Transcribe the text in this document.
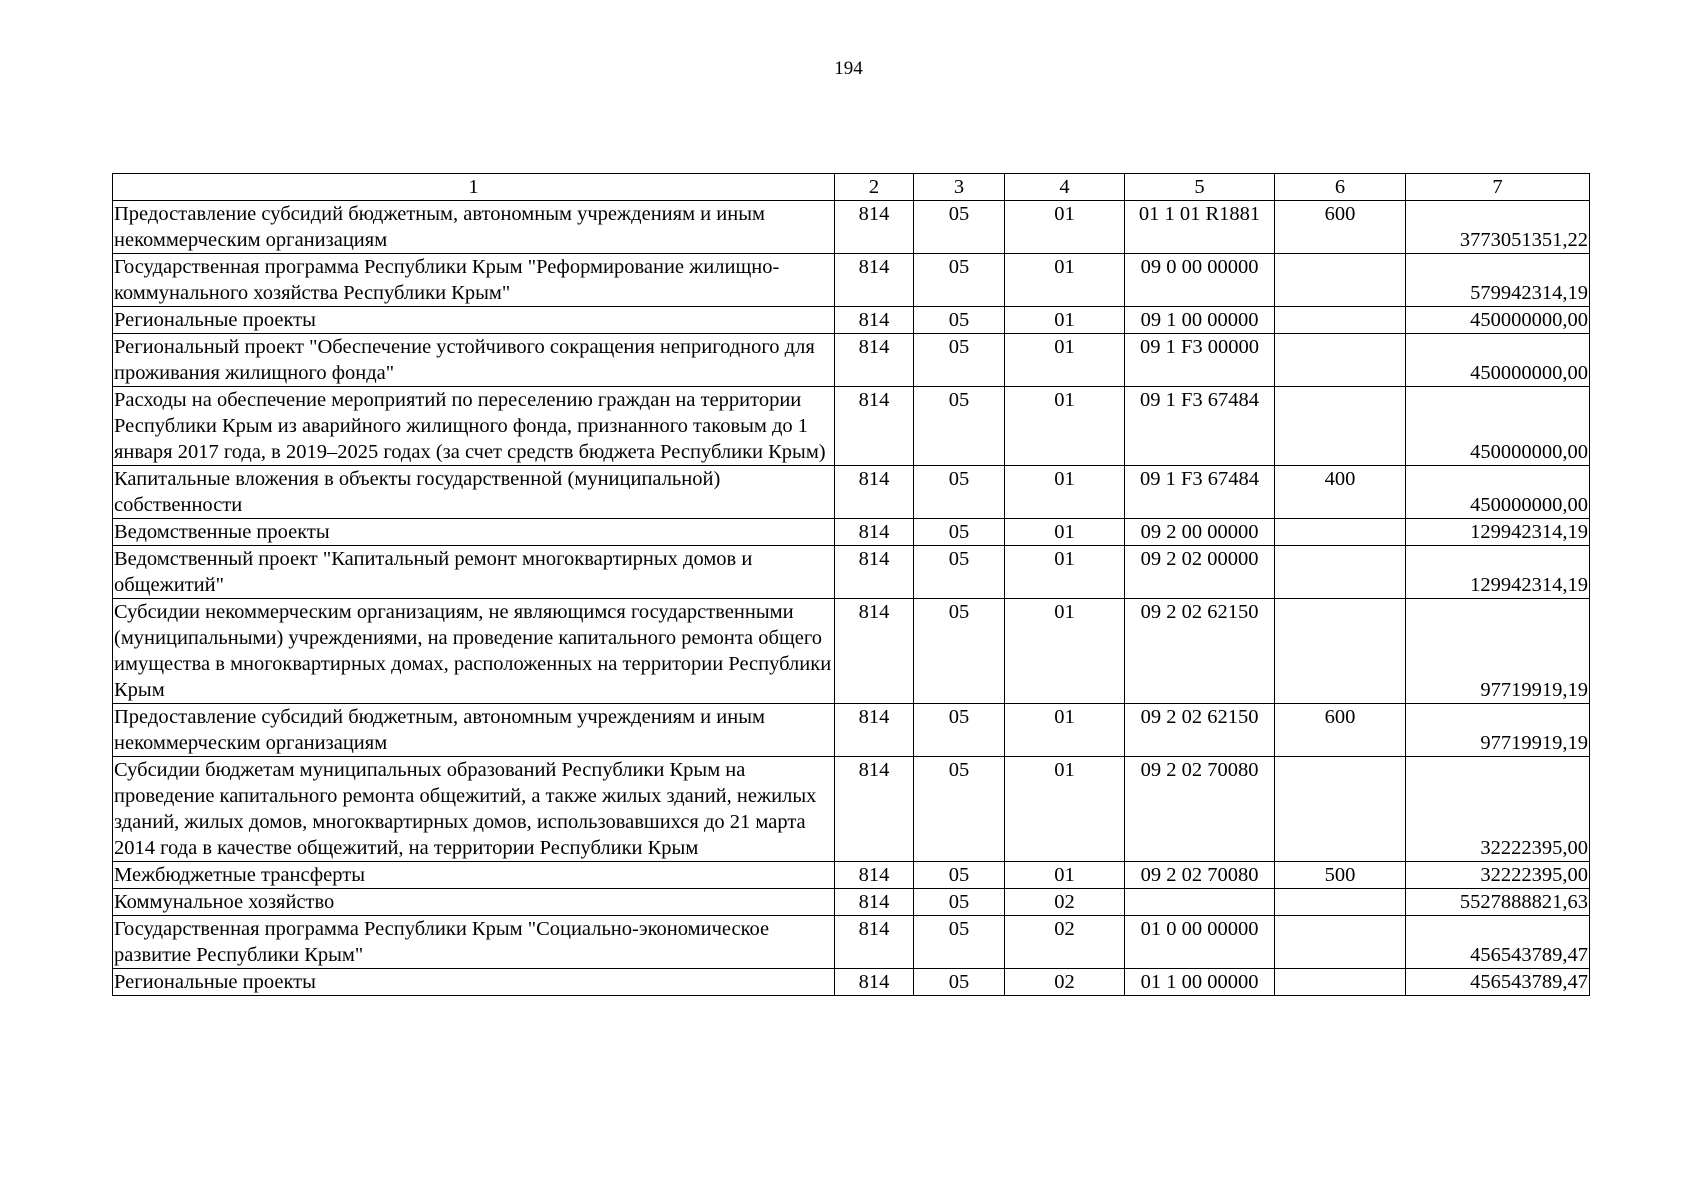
194
1	2	3	4	5	6	7
Предоставление субсидий бюджетным, автономным учреждениям и иным некоммерческим организациям	814	05	01	01 1 01 R1881	600	3773051351,22
Государственная программа Республики Крым "Реформирование жилищно-коммунального хозяйства Республики Крым"	814	05	01	09 0 00 00000		579942314,19
Региональные проекты	814	05	01	09 1 00 00000		450000000,00
Региональный проект "Обеспечение устойчивого сокращения непригодного для проживания жилищного фонда"	814	05	01	09 1 F3 00000		450000000,00
Расходы на обеспечение мероприятий по переселению граждан на территории Республики Крым из аварийного жилищного фонда, признанного таковым до 1 января 2017 года, в 2019–2025 годах (за счет средств бюджета Республики Крым)	814	05	01	09 1 F3 67484		450000000,00
Капитальные вложения в объекты государственной (муниципальной) собственности	814	05	01	09 1 F3 67484	400	450000000,00
Ведомственные проекты	814	05	01	09 2 00 00000		129942314,19
Ведомственный проект "Капитальный ремонт многоквартирных домов и общежитий"	814	05	01	09 2 02 00000		129942314,19
Субсидии некоммерческим организациям, не являющимся государственными (муниципальными) учреждениями, на проведение капитального ремонта общего имущества в многоквартирных домах, расположенных на территории Республики Крым	814	05	01	09 2 02 62150		97719919,19
Предоставление субсидий бюджетным, автономным учреждениям и иным некоммерческим организациям	814	05	01	09 2 02 62150	600	97719919,19
Субсидии бюджетам муниципальных образований Республики Крым на проведение капитального ремонта общежитий, а также жилых зданий, нежилых зданий, жилых домов, многоквартирных домов, использовавшихся до 21 марта 2014 года в качестве общежитий, на территории Республики Крым	814	05	01	09 2 02 70080		32222395,00
Межбюджетные трансферты	814	05	01	09 2 02 70080	500	32222395,00
Коммунальное хозяйство	814	05	02			5527888821,63
Государственная программа Республики Крым "Социально-экономическое развитие Республики Крым"	814	05	02	01 0 00 00000		456543789,47
Региональные проекты	814	05	02	01 1 00 00000		456543789,47
